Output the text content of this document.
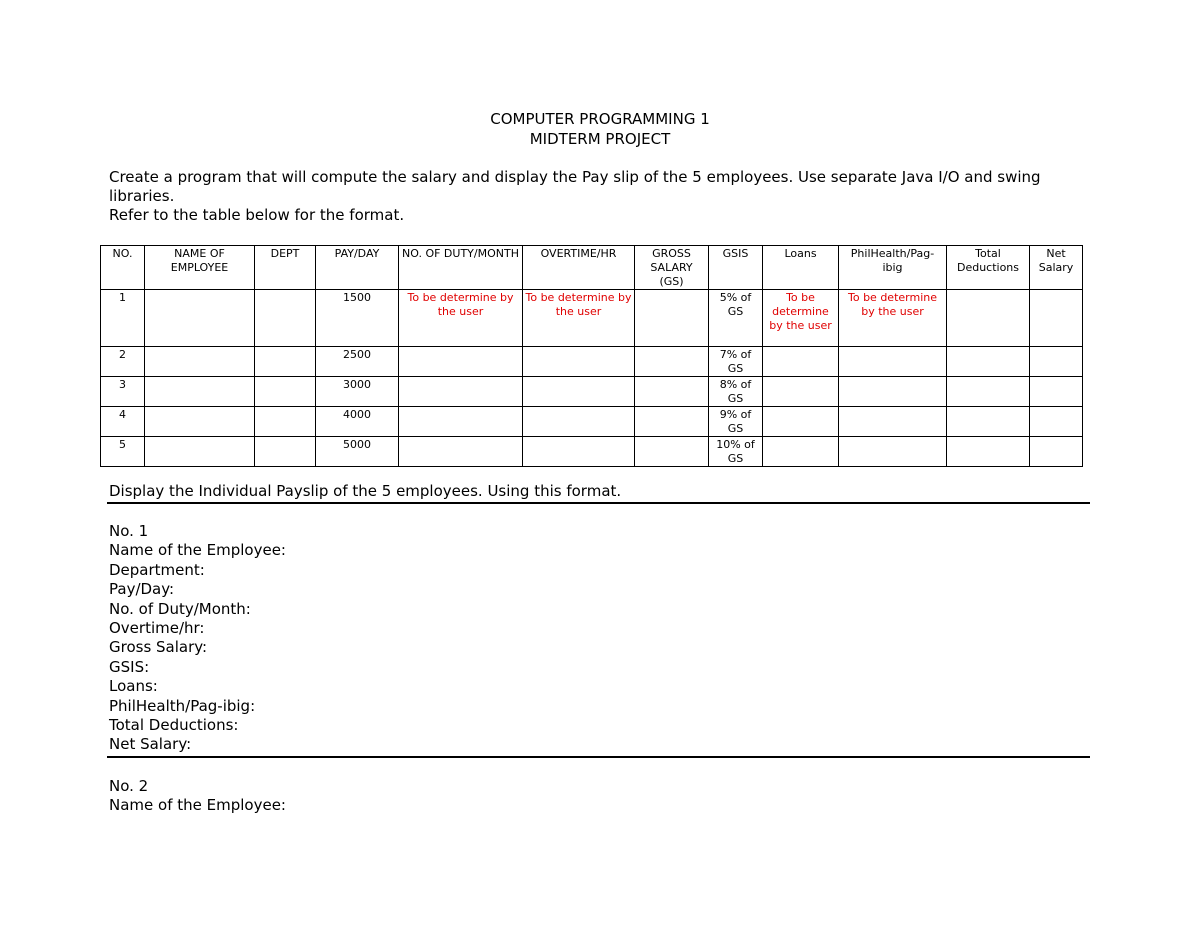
COMPUTER PROGRAMMING 1
MIDTERM PROJECT
Create a program that will compute the salary and display the Pay slip of the 5 employees. Use separate Java I/O and swing libraries.
Refer to the table below for the format.
NO.	NAME OF EMPLOYEE	DEPT	PAY/DAY	NO. OF DUTY/MONTH	OVERTIME/HR	GROSS SALARY (GS)	GSIS	Loans	PhilHealth/Pag-ibig	Total Deductions	Net Salary
1			1500	To be determine by the user	To be determine by the user		5% of GS	To be determine by the user	To be determine by the user		
2			2500				7% of GS				
3			3000				8% of GS				
4			4000				9% of GS				
5			5000				10% of GS				
Display the Individual Payslip of the 5 employees. Using this format.
No. 1
Name of the Employee:
Department:
Pay/Day:
No. of Duty/Month:
Overtime/hr:
Gross Salary:
GSIS:
Loans:
PhilHealth/Pag-ibig:
Total Deductions:
Net Salary:
No. 2
Name of the Employee:
